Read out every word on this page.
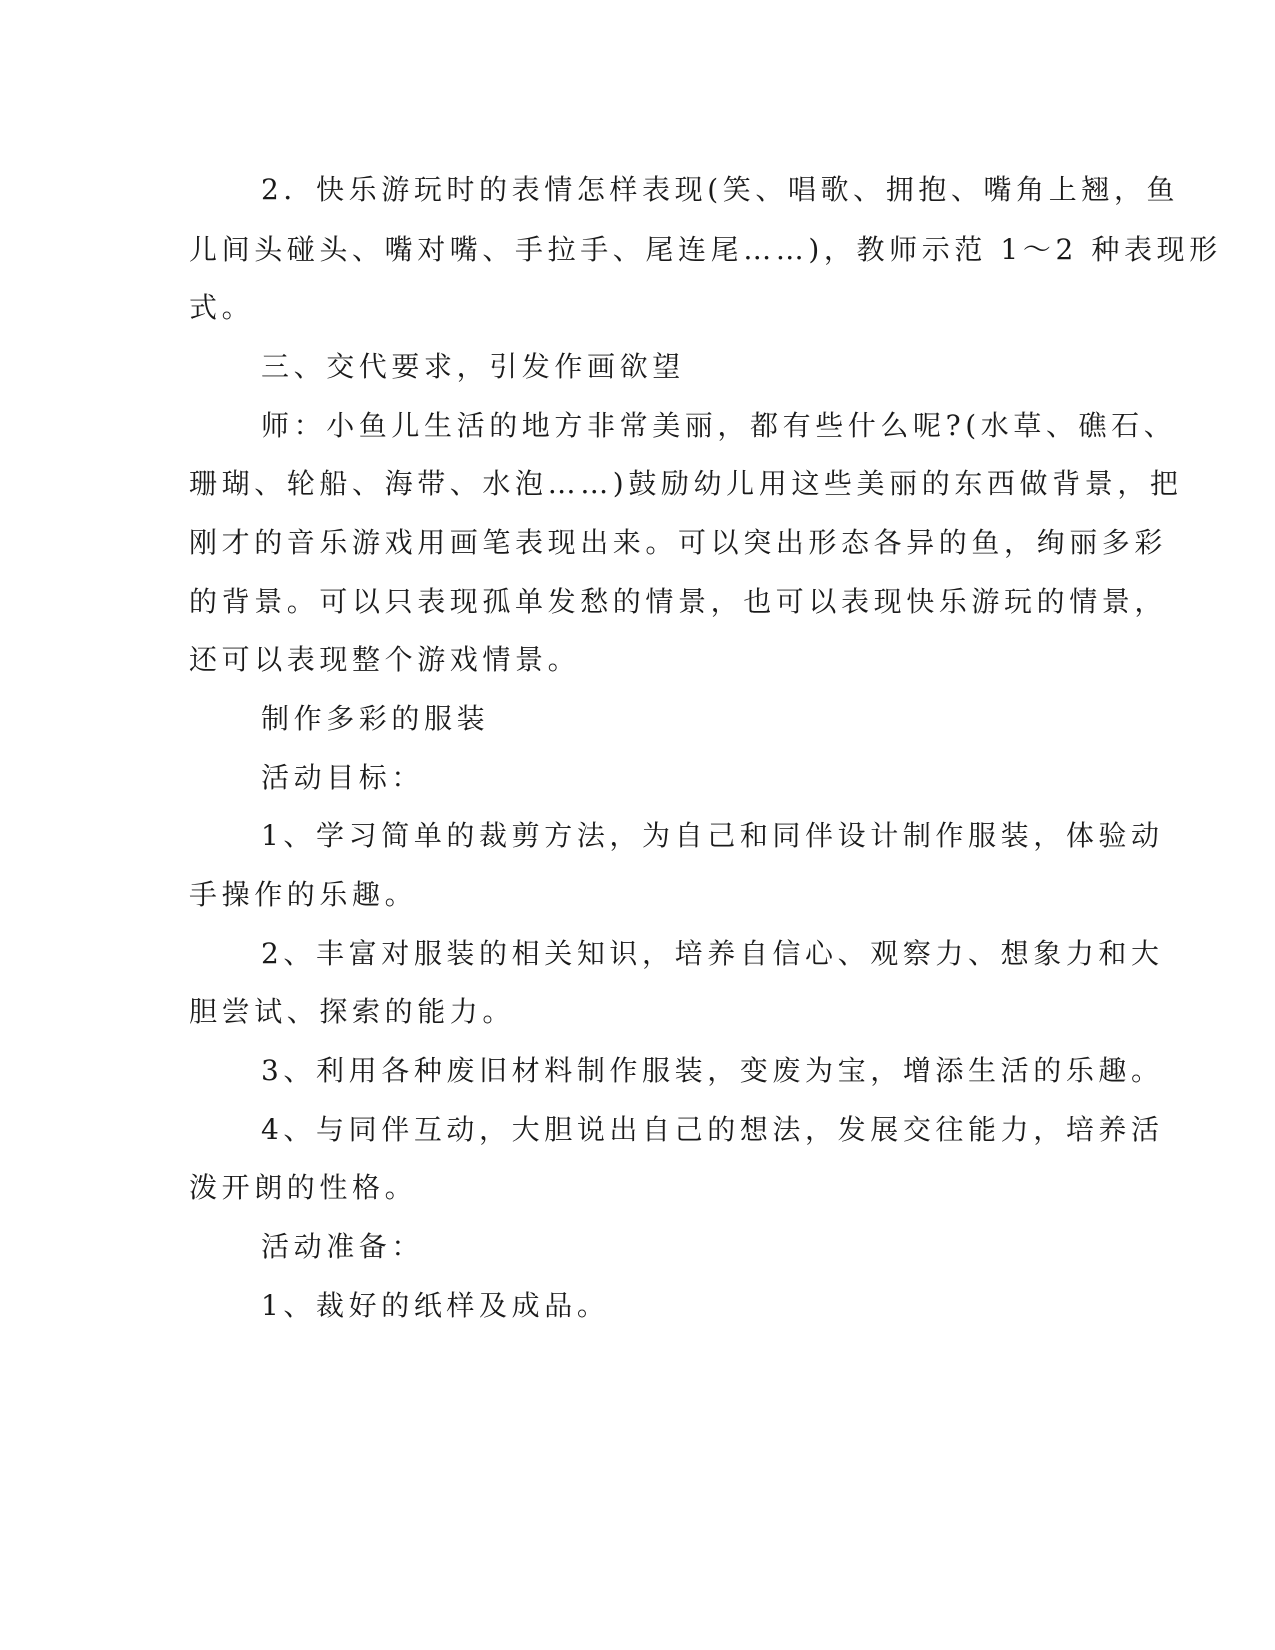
2．快乐游玩时的表情怎样表现(笑、唱歌、拥抱、嘴角上翘，鱼
儿间头碰头、嘴对嘴、手拉手、尾连尾……)，教师示范 1～2 种表现形
式。
三、交代要求，引发作画欲望
师：小鱼儿生活的地方非常美丽，都有些什么呢?(水草、礁石、
珊瑚、轮船、海带、水泡……)鼓励幼儿用这些美丽的东西做背景，把
刚才的音乐游戏用画笔表现出来。可以突出形态各异的鱼，绚丽多彩
的背景。可以只表现孤单发愁的情景，也可以表现快乐游玩的情景，
还可以表现整个游戏情景。
制作多彩的服装
活动目标：
1、学习简单的裁剪方法，为自己和同伴设计制作服装，体验动
手操作的乐趣。
2、丰富对服装的相关知识，培养自信心、观察力、想象力和大
胆尝试、探索的能力。
3、利用各种废旧材料制作服装，变废为宝，增添生活的乐趣。
4、与同伴互动，大胆说出自己的想法，发展交往能力，培养活
泼开朗的性格。
活动准备：
1、裁好的纸样及成品。
